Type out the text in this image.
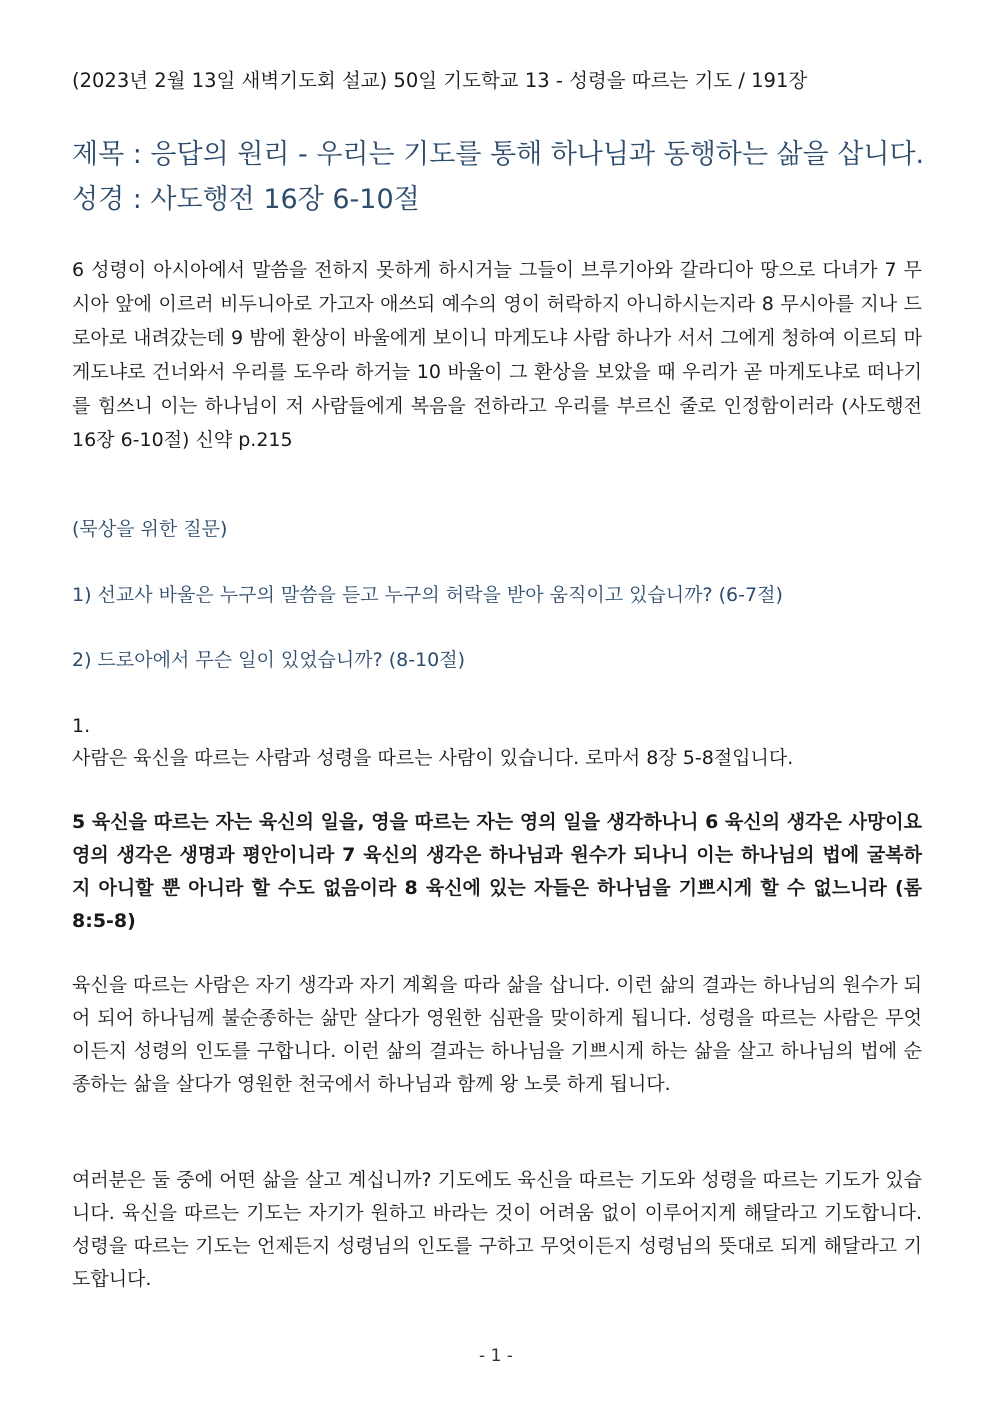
(2023년 2월 13일 새벽기도회 설교) 50일 기도학교 13 - 성령을 따르는 기도 / 191장
제목 : 응답의 원리 - 우리는 기도를 통해 하나님과 동행하는 삶을 삽니다.
성경 : 사도행전 16장 6-10절
6 성령이 아시아에서 말씀을 전하지 못하게 하시거늘 그들이 브루기아와 갈라디아 땅으로 다녀가 7 무시아 앞에 이르러 비두니아로 가고자 애쓰되 예수의 영이 허락하지 아니하시는지라 8 무시아를 지나 드로아로 내려갔는데 9 밤에 환상이 바울에게 보이니 마게도냐 사람 하나가 서서 그에게 청하여 이르되 마게도냐로 건너와서 우리를 도우라 하거늘 10 바울이 그 환상을 보았을 때 우리가 곧 마게도냐로 떠나기를 힘쓰니 이는 하나님이 저 사람들에게 복음을 전하라고 우리를 부르신 줄로 인정함이러라 (사도행전 16장 6-10절) 신약 p.215
(묵상을 위한 질문)
1) 선교사 바울은 누구의 말씀을 듣고 누구의 허락을 받아 움직이고 있습니까? (6-7절)
2) 드로아에서 무슨 일이 있었습니까? (8-10절)
1.
사람은 육신을 따르는 사람과 성령을 따르는 사람이 있습니다. 로마서 8장 5-8절입니다.
5 육신을 따르는 자는 육신의 일을, 영을 따르는 자는 영의 일을 생각하나니 6 육신의 생각은 사망이요 영의 생각은 생명과 평안이니라 7 육신의 생각은 하나님과 원수가 되나니 이는 하나님의 법에 굴복하지 아니할 뿐 아니라 할 수도 없음이라 8 육신에 있는 자들은 하나님을 기쁘시게 할 수 없느니라 (롬 8:5-8)
육신을 따르는 사람은 자기 생각과 자기 계획을 따라 삶을 삽니다. 이런 삶의 결과는 하나님의 원수가 되어 되어 하나님께 불순종하는 삶만 살다가 영원한 심판을 맞이하게 됩니다. 성령을 따르는 사람은 무엇이든지 성령의 인도를 구합니다. 이런 삶의 결과는 하나님을 기쁘시게 하는 삶을 살고 하나님의 법에 순종하는 삶을 살다가 영원한 천국에서 하나님과 함께 왕 노릇 하게 됩니다.
여러분은 둘 중에 어떤 삶을 살고 계십니까? 기도에도 육신을 따르는 기도와 성령을 따르는 기도가 있습니다. 육신을 따르는 기도는 자기가 원하고 바라는 것이 어려움 없이 이루어지게 해달라고 기도합니다. 성령을 따르는 기도는 언제든지 성령님의 인도를 구하고 무엇이든지 성령님의 뜻대로 되게 해달라고 기도합니다.
- 1 -
